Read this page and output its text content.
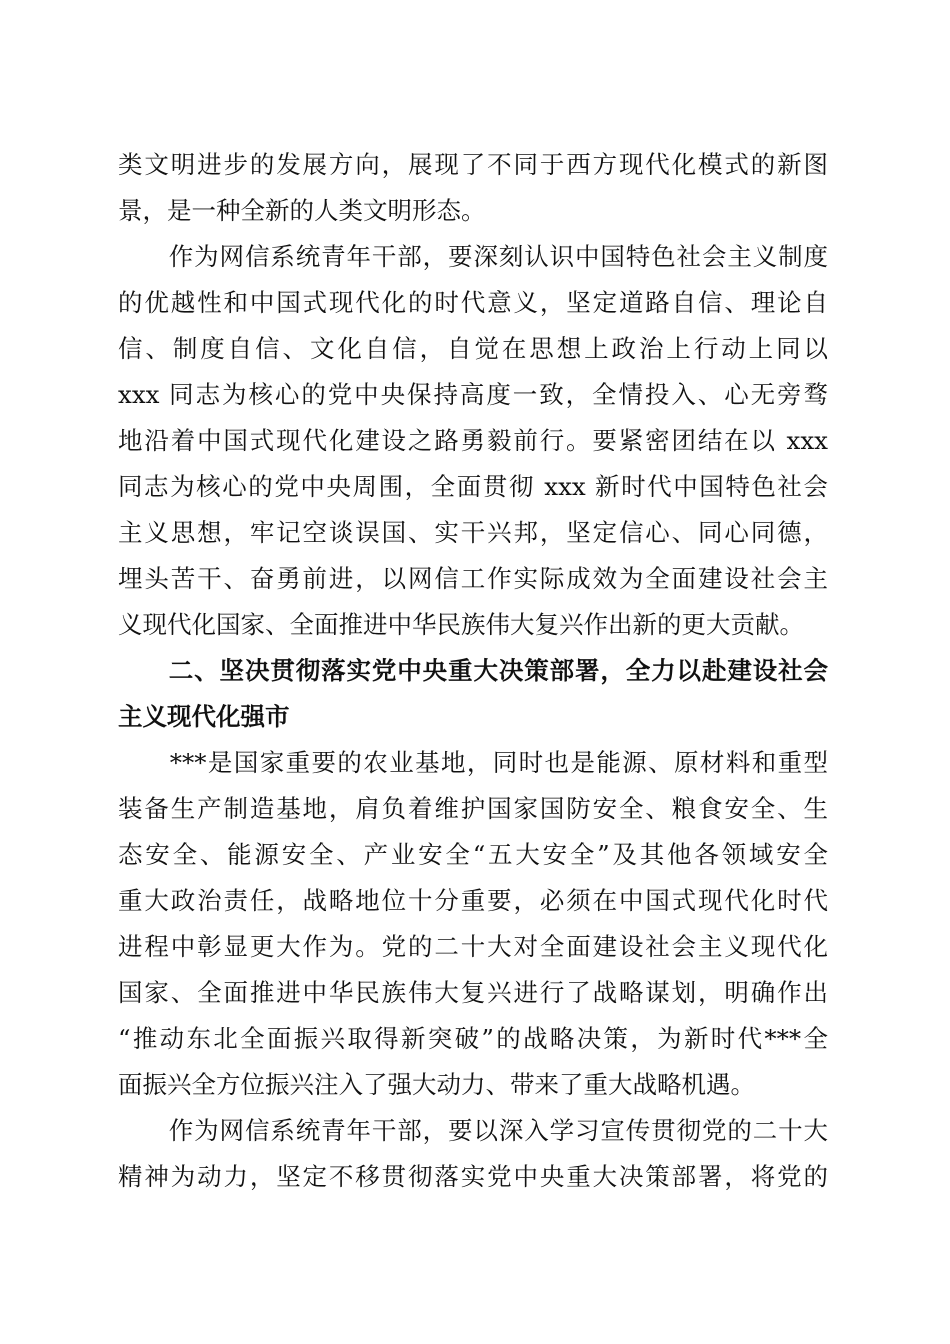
类文明进步的发展方向，展现了不同于西方现代化模式的新图
景，是一种全新的人类文明形态。
　　作为网信系统青年干部，要深刻认识中国特色社会主义制度
的优越性和中国式现代化的时代意义，坚定道路自信、理论自
信、制度自信、文化自信，自觉在思想上政治上行动上同以
xxx 同志为核心的党中央保持高度一致，全情投入、心无旁骛
地沿着中国式现代化建设之路勇毅前行。要紧密团结在以 xxx
同志为核心的党中央周围，全面贯彻 xxx 新时代中国特色社会
主义思想，牢记空谈误国、实干兴邦，坚定信心、同心同德，
埋头苦干、奋勇前进，以网信工作实际成效为全面建设社会主
义现代化国家、全面推进中华民族伟大复兴作出新的更大贡献。
　　二、坚决贯彻落实党中央重大决策部署，全力以赴建设社会
主义现代化强市
　　***是国家重要的农业基地，同时也是能源、原材料和重型
装备生产制造基地，肩负着维护国家国防安全、粮食安全、生
态安全、能源安全、产业安全“五大安全”及其他各领域安全
重大政治责任，战略地位十分重要，必须在中国式现代化时代
进程中彰显更大作为。党的二十大对全面建设社会主义现代化
国家、全面推进中华民族伟大复兴进行了战略谋划，明确作出
“推动东北全面振兴取得新突破”的战略决策，为新时代***全
面振兴全方位振兴注入了强大动力、带来了重大战略机遇。
　　作为网信系统青年干部，要以深入学习宣传贯彻党的二十大
精神为动力，坚定不移贯彻落实党中央重大决策部署，将党的
